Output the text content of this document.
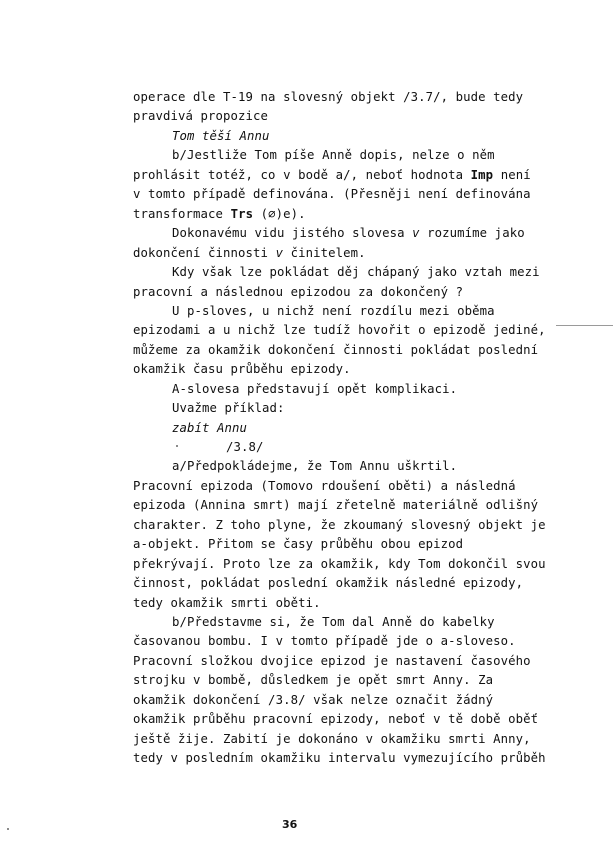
operace dle T-19 na slovesný objekt /3.7/, bude tedy
pravdivá propozice
Tom těší Annu
b/Jestliže Tom píše Anně dopis, nelze o něm
prohlásit totéž, co v bodě a/, neboť hodnota Imp není
v tomto případě definována. (Přesněji není definována
transformace Trs (∅)e).
Dokonavému vidu jistého slovesa v rozumíme jako
dokončení činnosti v činitelem.
Kdy však lze pokládat děj chápaný jako vztah mezi
pracovní a následnou epizodou za dokončený ?
U p-sloves, u nichž není rozdílu mezi oběma
epizodami a u nichž lze tudíž hovořit o epizodě jediné,
můžeme za okamžik dokončení činnosti pokládat poslední
okamžik času průběhu epizody.
A-slovesa představují opět komplikaci.
Uvažme příklad:
zabít Annu
/3.8/
a/Předpokládejme, že Tom Annu uškrtil.
Pracovní epizoda (Tomovo rdoušení oběti) a následná
epizoda (Annina smrt) mají zřetelně materiálně odlišný
charakter. Z toho plyne, že zkoumaný slovesný objekt je
a-objekt. Přitom se časy průběhu obou epizod
překrývají. Proto lze za okamžik, kdy Tom dokončil svou
činnost, pokládat poslední okamžik následné epizody,
tedy okamžik smrti oběti.
b/Představme si, že Tom dal Anně do kabelky
časovanou bombu. I v tomto případě jde o a-sloveso.
Pracovní složkou dvojice epizod je nastavení časového
strojku v bombě, důsledkem je opět smrt Anny. Za
okamžik dokončení /3.8/ však nelze označit žádný
okamžik průběhu pracovní epizody, neboť v tě době oběť
ještě žije. Zabití je dokonáno v okamžiku smrti Anny,
tedy v posledním okamžiku intervalu vymezujícího průběh
36
